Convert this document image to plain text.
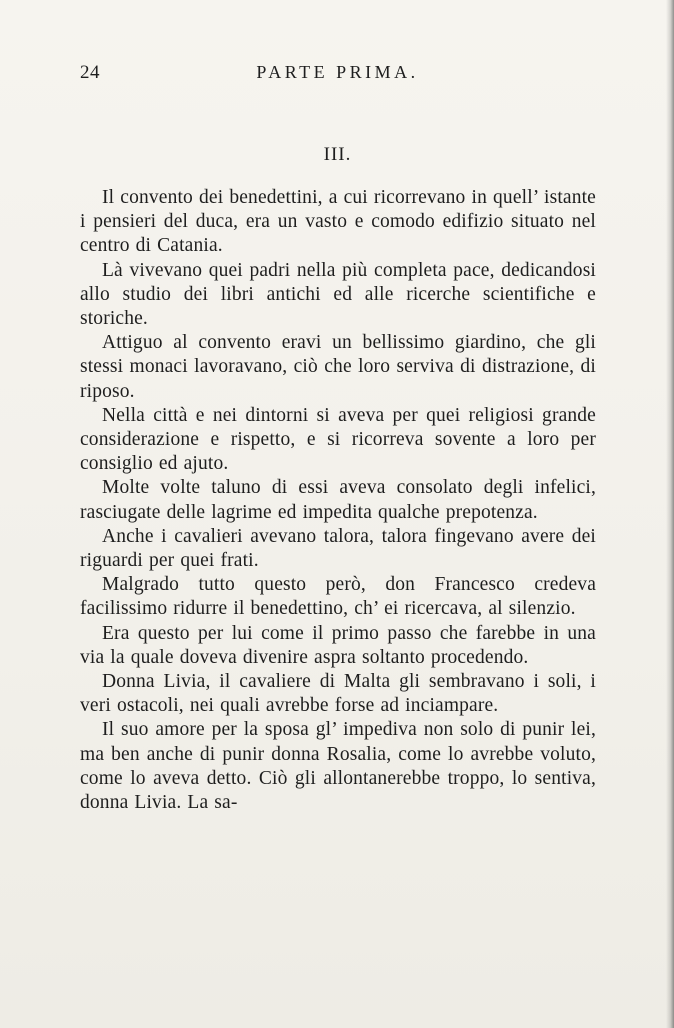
24	PARTE PRIMA.
III.

Il convento dei benedettini, a cui ricorrevano in quell’ istante i pensieri del duca, era un vasto e comodo edifizio situato nel centro di Catania.

Là vivevano quei padri nella più completa pace, dedicandosi allo studio dei libri antichi ed alle ricerche scientifiche e storiche.

Attiguo al convento eravi un bellissimo giardino, che gli stessi monaci lavoravano, ciò che loro serviva di distrazione, di riposo.

Nella città e nei dintorni si aveva per quei religiosi grande considerazione e rispetto, e si ricorreva sovente a loro per consiglio ed ajuto.

Molte volte taluno di essi aveva consolato degli infelici, rasciugate delle lagrime ed impedita qualche prepotenza.

Anche i cavalieri avevano talora, talora fingevano avere dei riguardi per quei frati.

Malgrado tutto questo però, don Francesco credeva facilissimo ridurre il benedettino, ch’ ei ricercava, al silenzio.

Era questo per lui come il primo passo che farebbe in una via la quale doveva divenire aspra soltanto procedendo.

Donna Livia, il cavaliere di Malta gli sembravano i soli, i veri ostacoli, nei quali avrebbe forse ad inciampare.

Il suo amore per la sposa gl’ impediva non solo di punir lei, ma ben anche di punir donna Rosalia, come lo avrebbe voluto, come lo aveva detto. Ciò gli allontanerebbe troppo, lo sentiva, donna Livia. La sa-
